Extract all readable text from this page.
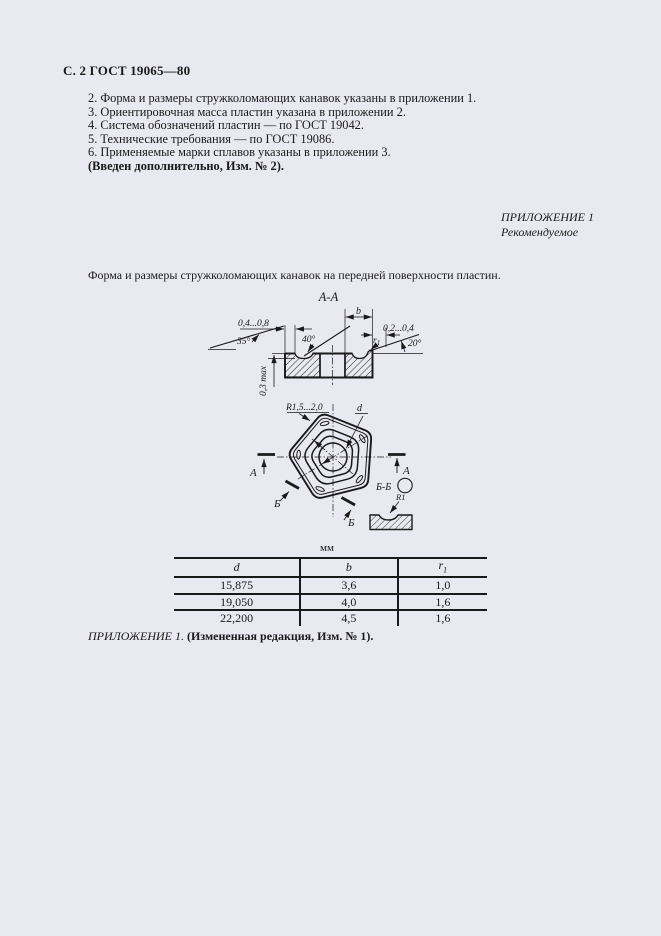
С. 2 ГОСТ 19065—80
2. Форма и размеры стружколомающих канавок указаны в приложении 1.
3. Ориентировочная масса пластин указана в приложении 2.
4. Система обозначений пластин — по ГОСТ 19042.
5. Технические требования — по ГОСТ 19086.
6. Применяемые марки сплавов указаны в приложении 3.
(Введен дополнительно, Изм. № 2).
ПРИЛОЖЕНИЕ 1
Рекомендуемое
Форма и размеры стружколомающих канавок на передней поверхности пластин.
А-А
0,4...0,8
35°	40°
b
0,2...0,4
$r_1$	20°
0,3 max
R1,5...2,0	d
А	А
Б
Б
Б-Б
R1
мм
d	b	$r_1$
15,875	3,6	1,0
19,050	4,0	1,6
22,200	4,5	1,6
ПРИЛОЖЕНИЕ 1. (Измененная редакция, Изм. № 1).
